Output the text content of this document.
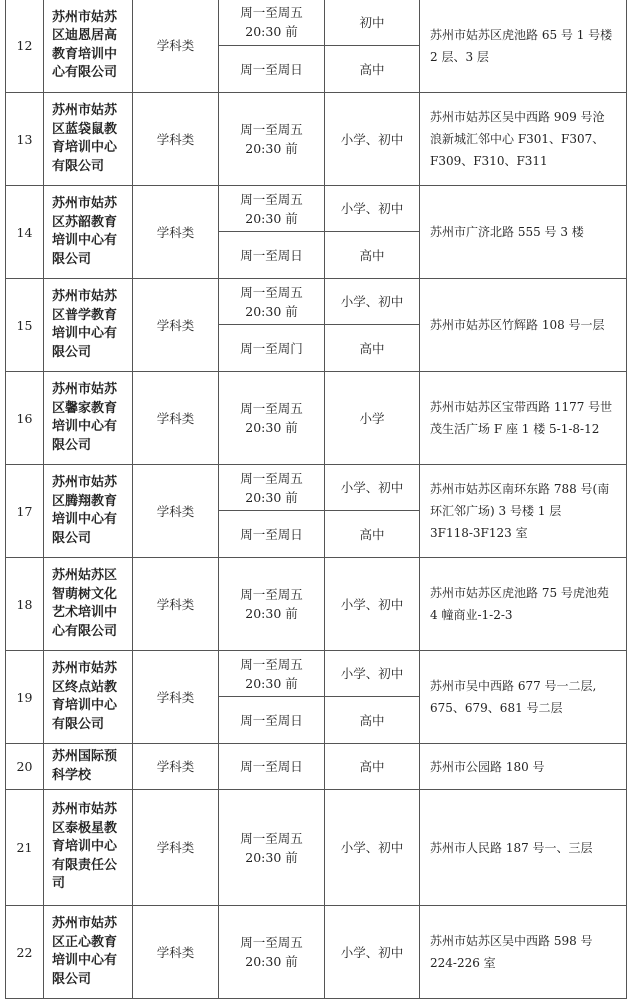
12	苏州市姑苏
区迪恩居高
教育培训中
心有限公司	学科类	周一至周五
20:30 前	初中	苏州市姑苏区虎池路 65 号 1 号楼
2 层、3 层

			周一至周日	高中	
13	苏州市姑苏
区蓝袋鼠教
育培训中心
有限公司	学科类	周一至周五
20:30 前	小学、初中	苏州市姑苏区吴中西路 909 号沧
浪新城汇邻中心 F301、F307、
F309、F310、F311

14	苏州市姑苏
区苏韶教育
培训中心有
限公司	学科类	周一至周五
20:30 前	小学、初中	苏州市广济北路 555 号 3 楼

			周一至周日	高中	
15	苏州市姑苏
区普学教育
培训中心有
限公司	学科类	周一至周五
20:30 前	小学、初中	苏州市姑苏区竹辉路 108 号一层

			周一至周门	高中	
16	苏州市姑苏
区馨家教育
培训中心有
限公司	学科类	周一至周五
20:30 前	小学	苏州市姑苏区宝带西路 1177 号世
茂生活广场 F 座 1 楼 5-1-8-12

17	苏州市姑苏
区腾翔教育
培训中心有
限公司	学科类	周一至周五
20:30 前	小学、初中	苏州市姑苏区南环东路 788 号(南
环汇邻广场) 3 号楼 1 层
3F118-3F123 室

			周一至周日	高中	
18	苏州姑苏区
智萌树文化
艺术培训中
心有限公司	学科类	周一至周五
20:30 前	小学、初中	苏州市姑苏区虎池路 75 号虎池苑
4 幢商业-1-2-3

19	苏州市姑苏
区终点站教
育培训中心
有限公司	学科类	周一至周五
20:30 前	小学、初中	苏州市吴中西路 677 号一二层,
675、679、681 号二层

			周一至周日	高中	
20	苏州国际预
科学校	学科类	周一至周日	高中	苏州市公园路 180 号

21	苏州市姑苏
区泰极星教
育培训中心
有限责任公
司	学科类	周一至周五
20:30 前	小学、初中	苏州市人民路 187 号一、三层

22	苏州市姑苏
区正心教育
培训中心有
限公司	学科类	周一至周五
20:30 前	小学、初中	苏州市姑苏区吴中西路 598 号
224-226 室
